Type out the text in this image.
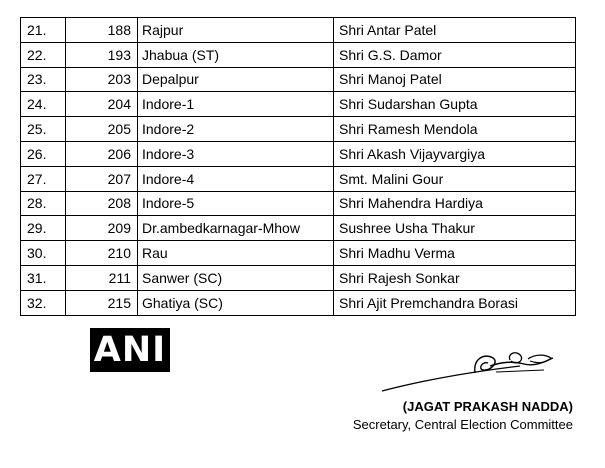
21.	188	Rajpur	Shri Antar Patel
22.	193	Jhabua (ST)	Shri G.S. Damor
23.	203	Depalpur	Shri Manoj Patel
24.	204	Indore-1	Shri Sudarshan Gupta
25.	205	Indore-2	Shri Ramesh Mendola
26.	206	Indore-3	Shri Akash Vijayvargiya
27.	207	Indore-4	Smt. Malini Gour
28.	208	Indore-5	Shri Mahendra Hardiya
29.	209	Dr.ambedkarnagar-Mhow	Sushree Usha Thakur
30.	210	Rau	Shri Madhu Verma
31.	211	Sanwer (SC)	Shri Rajesh Sonkar
32.	215	Ghatiya (SC)	Shri Ajit Premchandra Borasi
ANI
(JAGAT PRAKASH NADDA)
Secretary, Central Election Committee
